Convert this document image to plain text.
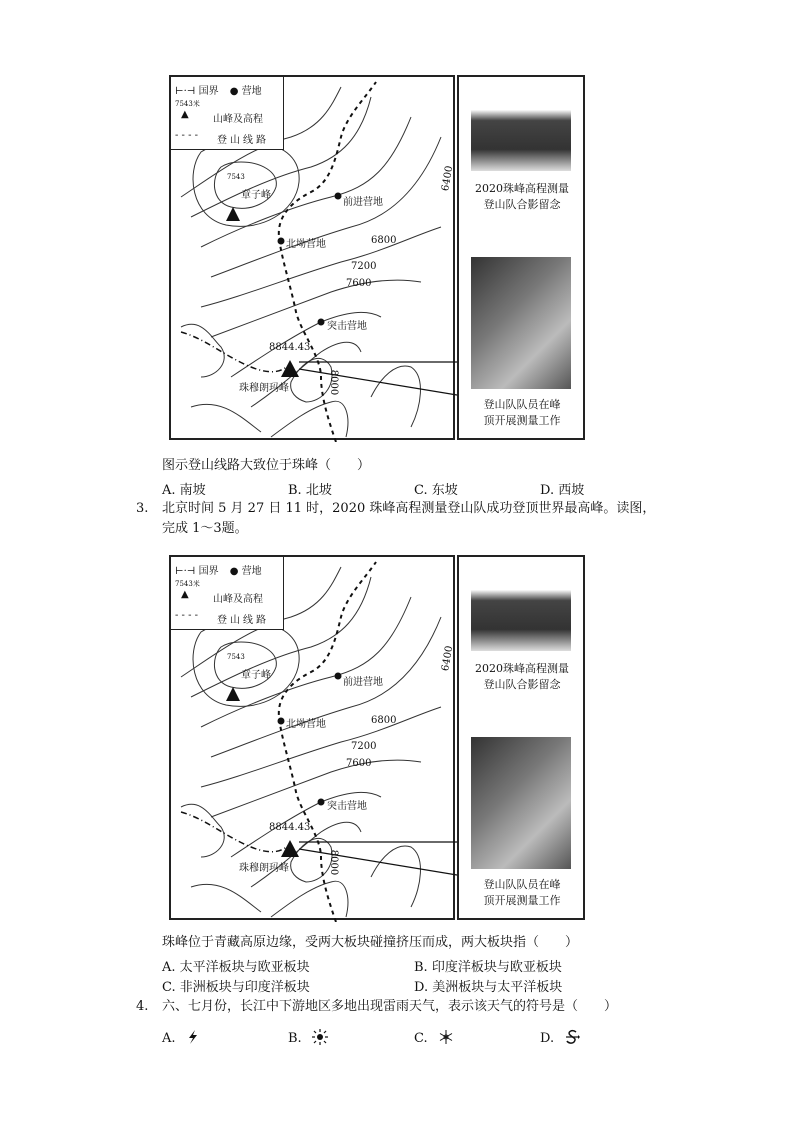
⊢·⊣ 国界 ● 营地
7543米
▲ 山峰及高程
- - - - 登山线路
7543
章子峰
前进营地
北坳营地
突击营地
8844.43
珠穆朗玛峰
6400
6800
7200
7600
8000
2020珠峰高程测量
登山队合影留念
登山队队员在峰
顶开展测量工作
图示登山线路大致位于珠峰（　　）
A. 南坡	B. 北坡	C. 东坡	D. 西坡
3. 北京时间 5 月 27 日 11 时，2020 珠峰高程测量登山队成功登顶世界最高峰。读图，
完成 1～3题。
⊢·⊣ 国界 ● 营地
7543米
▲ 山峰及高程
- - - - 登山线路
7543
章子峰
前进营地
北坳营地
突击营地
8844.43
珠穆朗玛峰
6400
6800
7200
7600
8000
2020珠峰高程测量
登山队合影留念
登山队队员在峰
顶开展测量工作
珠峰位于青藏高原边缘，受两大板块碰撞挤压而成，两大板块指（　　）
A. 太平洋板块与欧亚板块	B. 印度洋板块与欧亚板块
C. 非洲板块与印度洋板块	D. 美洲板块与太平洋板块
4. 六、七月份，长江中下游地区多地出现雷雨天气，表示该天气的符号是（　　）
A.	B.	C.	D.
